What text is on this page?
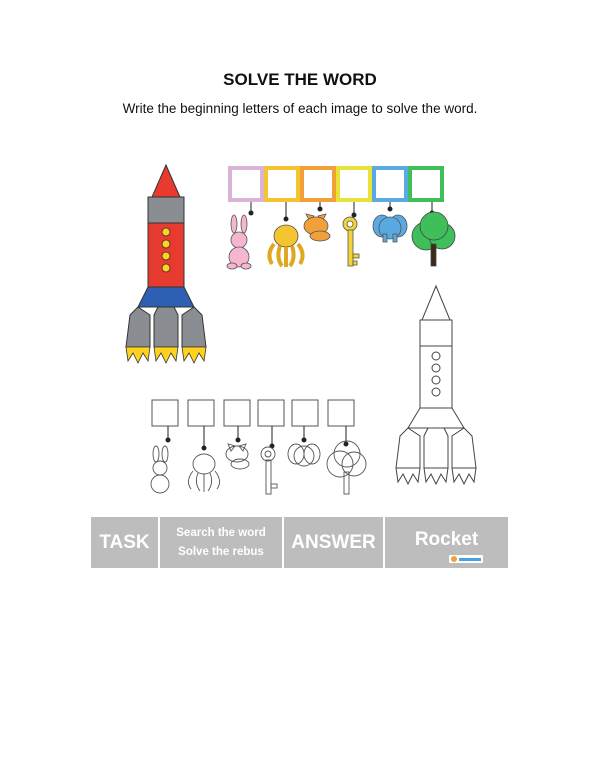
SOLVE THE WORD
Write the beginning letters of each image to solve the word.
TASK Search the word
Solve the rebus ANSWER Rocket
